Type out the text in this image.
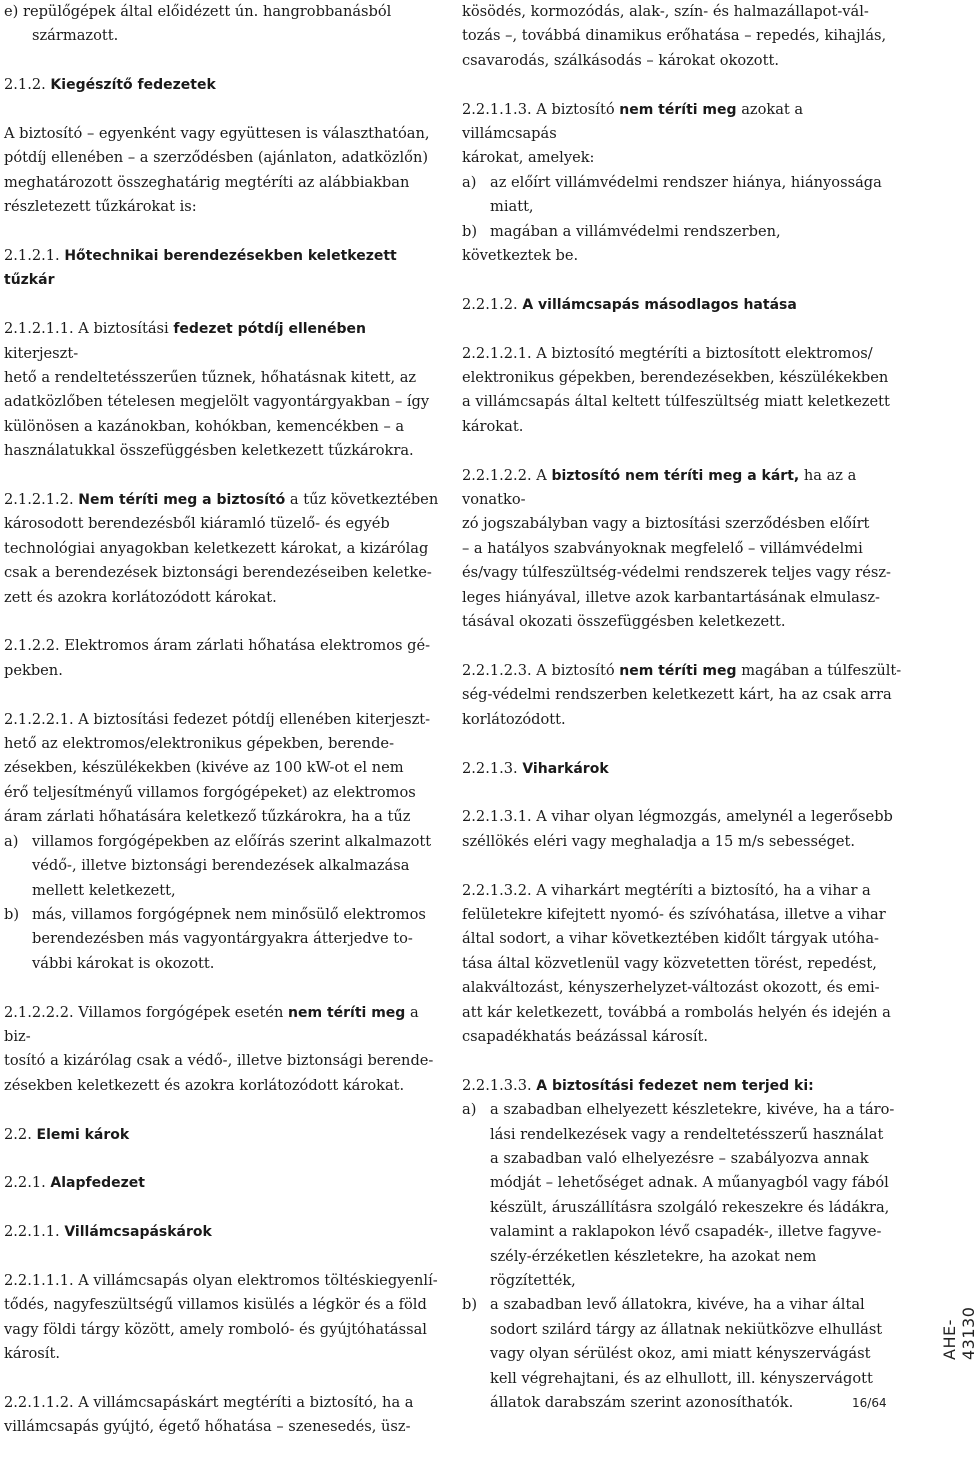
e) repülőgépek által előidézett ún. hangrobbanásból
származott.
2.1.2. Kiegészítő fedezetek
A biztosító – egyenként vagy együttesen is választhatóan,
pótdíj ellenében – a szerződésben (ajánlaton, adatközlőn)
meghatározott összeghatárig megtéríti az alábbiakban
részletezett tűzkárokat is:
2.1.2.1. Hőtechnikai berendezésekben keletkezett tűzkár
2.1.2.1.1. A biztosítási fedezet pótdíj ellenében kiterjeszt-
hető a rendeltetésszerűen tűznek, hőhatásnak kitett, az
adatközlőben tételesen megjelölt vagyontárgyakban – így
különösen a kazánokban, kohókban, kemencékben – a
használatukkal összefüggésben keletkezett tűzkárokra.
2.1.2.1.2. Nem téríti meg a biztosító a tűz következtében
károsodott berendezésből kiáramló tüzelő- és egyéb
technológiai anyagokban keletkezett károkat, a kizárólag
csak a berendezések biztonsági berendezéseiben keletke-
zett és azokra korlátozódott károkat.
2.1.2.2. Elektromos áram zárlati hőhatása elektromos gé-
pekben.
2.1.2.2.1. A biztosítási fedezet pótdíj ellenében kiterjeszt-
hető az elektromos/elektronikus gépekben, berende-
zésekben, készülékekben (kivéve az 100 kW-ot el nem
érő teljesítményű villamos forgógépeket) az elektromos
áram zárlati hőhatására keletkező tűzkárokra, ha a tűz
a) villamos forgógépekben az előírás szerint alkalmazott
védő-, illetve biztonsági berendezések alkalmazása
mellett keletkezett,
b) más, villamos forgógépnek nem minősülő elektromos
berendezésben más vagyontárgyakra átterjedve to-
vábbi károkat is okozott.
2.1.2.2.2. Villamos forgógépek esetén nem téríti meg a biz-
tosító a kizárólag csak a védő-, illetve biztonsági berende-
zésekben keletkezett és azokra korlátozódott károkat.
2.2. Elemi károk
2.2.1. Alapfedezet
2.2.1.1. Villámcsapáskárok
2.2.1.1.1. A villámcsapás olyan elektromos töltéskiegyenlí-
tődés, nagyfeszültségű villamos kisülés a légkör és a föld
vagy földi tárgy között, amely romboló- és gyújtóhatással
károsít.
2.2.1.1.2. A villámcsapáskárt megtéríti a biztosító, ha a
villámcsapás gyújtó, égető hőhatása – szenesedés, üsz-
kösödés, kormozódás, alak-, szín- és halmazállapot-vál-
tozás –, továbbá dinamikus erőhatása – repedés, kihajlás,
csavarodás, szálkásodás – károkat okozott.
2.2.1.1.3. A biztosító nem téríti meg azokat a villámcsapás
károkat, amelyek:
a) az előírt villámvédelmi rendszer hiánya, hiányossága
miatt,
b) magában a villámvédelmi rendszerben,
következtek be.
2.2.1.2. A villámcsapás másodlagos hatása
2.2.1.2.1. A biztosító megtéríti a biztosított elektromos/
elektronikus gépekben, berendezésekben, készülékekben
a villámcsapás által keltett túlfeszültség miatt keletkezett
károkat.
2.2.1.2.2. A biztosító nem téríti meg a kárt, ha az a vonatko-
zó jogszabályban vagy a biztosítási szerződésben előírt
– a hatályos szabványoknak megfelelő – villámvédelmi
és/vagy túlfeszültség-védelmi rendszerek teljes vagy rész-
leges hiányával, illetve azok karbantartásának elmulasz-
tásával okozati összefüggésben keletkezett.
2.2.1.2.3. A biztosító nem téríti meg magában a túlfeszült-
ség-védelmi rendszerben keletkezett kárt, ha az csak arra
korlátozódott.
2.2.1.3. Viharkárok
2.2.1.3.1. A vihar olyan légmozgás, amelynél a legerősebb
széllökés eléri vagy meghaladja a 15 m/s sebességet.
2.2.1.3.2. A viharkárt megtéríti a biztosító, ha a vihar a
felületekre kifejtett nyomó- és szívóhatása, illetve a vihar
által sodort, a vihar következtében kidőlt tárgyak utóha-
tása által közvetlenül vagy közvetetten törést, repedést,
alakváltozást, kényszerhelyzet-változást okozott, és emi-
att kár keletkezett, továbbá a rombolás helyén és idején a
csapadékhatás beázással károsít.
2.2.1.3.3. A biztosítási fedezet nem terjed ki:
a) a szabadban elhelyezett készletekre, kivéve, ha a táro-
lási rendelkezések vagy a rendeltetésszerű használat
a szabadban való elhelyezésre – szabályozva annak
módját – lehetőséget adnak. A műanyagból vagy fából
készült, áruszállításra szolgáló rekeszekre és ládákra,
valamint a raklapokon lévő csapadék-, illetve fagyve-
szély-érzéketlen készletekre, ha azokat nem rögzítették,
b) a szabadban levő állatokra, kivéve, ha a vihar által
sodort szilárd tárgy az állatnak nekiütközve elhullást
vagy olyan sérülést okoz, ami miatt kényszervágást
kell végrehajtani, és az elhullott, ill. kényszervágott
állatok darabszám szerint azonosíthatók.
AHE-43130
16/64
